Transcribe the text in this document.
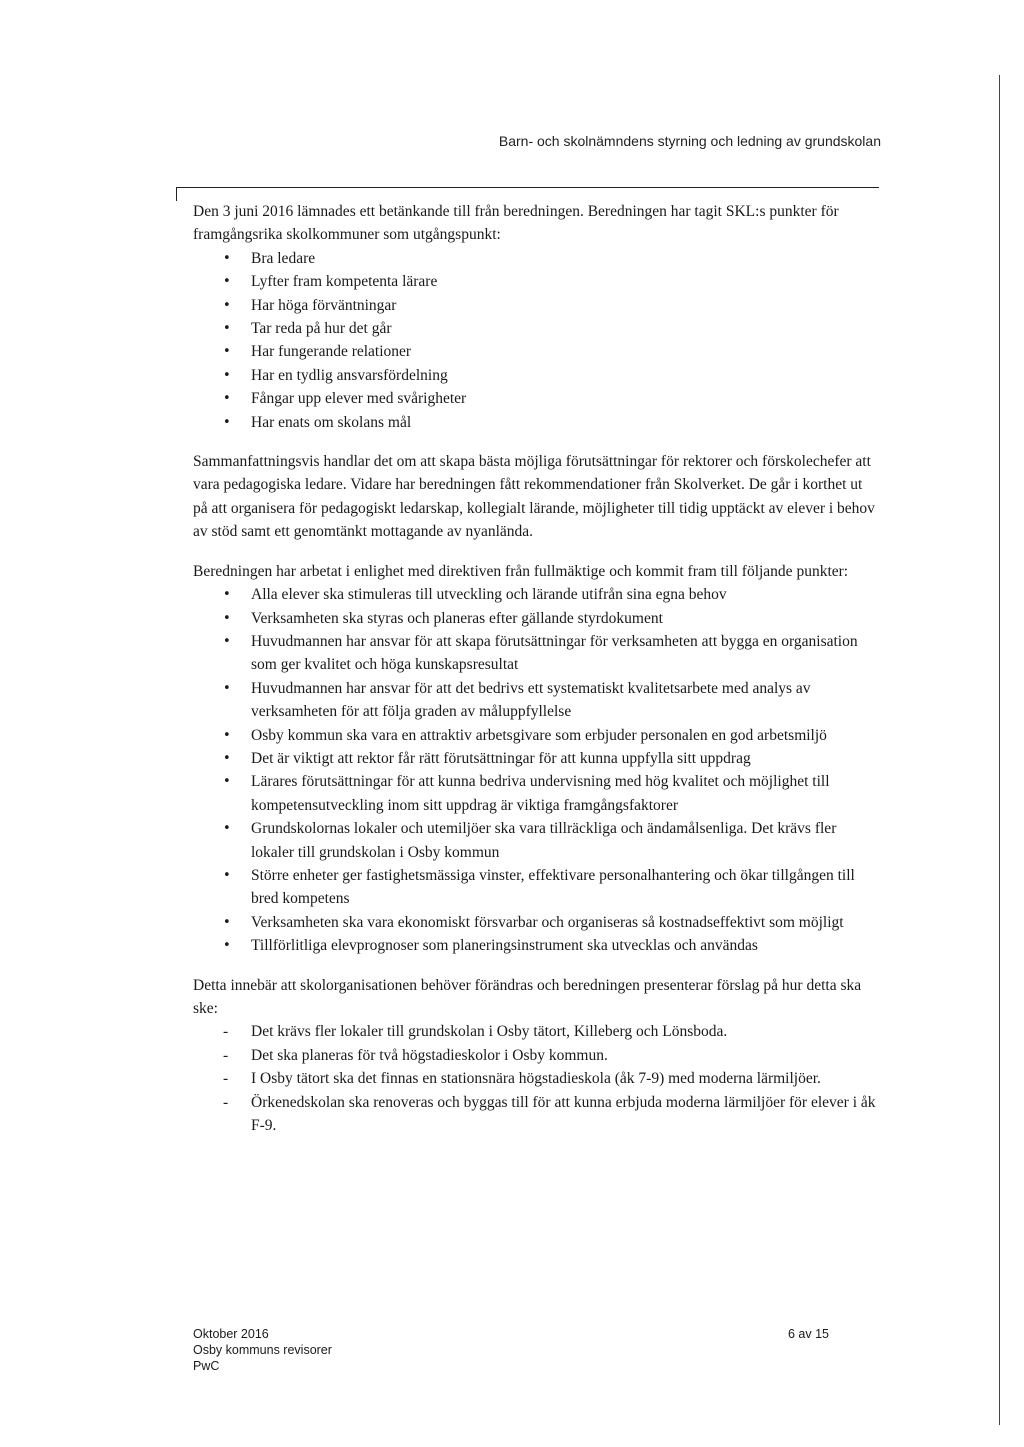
Barn- och skolnämndens styrning och ledning av grundskolan

Den 3 juni 2016 lämnades ett betänkande till från beredningen. Beredningen har tagit SKL:s punkter för framgångsrika skolkommuner som utgångspunkt:

• Bra ledare
• Lyfter fram kompetenta lärare
• Har höga förväntningar
• Tar reda på hur det går
• Har fungerande relationer
• Har en tydlig ansvarsfördelning
• Fångar upp elever med svårigheter
• Har enats om skolans mål

Sammanfattningsvis handlar det om att skapa bästa möjliga förutsättningar för rektorer och förskolechefer att vara pedagogiska ledare. Vidare har beredningen fått rekommendationer från Skolverket. De går i korthet ut på att organisera för pedagogiskt ledarskap, kollegialt lärande, möjligheter till tidig upptäckt av elever i behov av stöd samt ett genomtänkt mottagande av nyanlända.

Beredningen har arbetat i enlighet med direktiven från fullmäktige och kommit fram till följande punkter:

• Alla elever ska stimuleras till utveckling och lärande utifrån sina egna behov
• Verksamheten ska styras och planeras efter gällande styrdokument
• Huvudmannen har ansvar för att skapa förutsättningar för verksamheten att bygga en organisation som ger kvalitet och höga kunskapsresultat
• Huvudmannen har ansvar för att det bedrivs ett systematiskt kvalitetsarbete med analys av verksamheten för att följa graden av måluppfyllelse
• Osby kommun ska vara en attraktiv arbetsgivare som erbjuder personalen en god arbetsmiljö
• Det är viktigt att rektor får rätt förutsättningar för att kunna uppfylla sitt uppdrag
• Lärares förutsättningar för att kunna bedriva undervisning med hög kvalitet och möjlighet till kompetensutveckling inom sitt uppdrag är viktiga framgångsfaktorer
• Grundskolornas lokaler och utemiljöer ska vara tillräckliga och ändamålsenliga. Det krävs fler lokaler till grundskolan i Osby kommun
• Större enheter ger fastighetsmässiga vinster, effektivare personalhantering och ökar tillgången till bred kompetens
• Verksamheten ska vara ekonomiskt försvarbar och organiseras så kostnadseffektivt som möjligt
• Tillförlitliga elevprognoser som planeringsinstrument ska utvecklas och användas

Detta innebär att skolorganisationen behöver förändras och beredningen presenterar förslag på hur detta ska ske:

- Det krävs fler lokaler till grundskolan i Osby tätort, Killeberg och Lönsboda.
- Det ska planeras för två högstadieskolor i Osby kommun.
- I Osby tätort ska det finnas en stationsnära högstadieskola (åk 7-9) med moderna lärmiljöer.
- Örkenedskolan ska renoveras och byggas till för att kunna erbjuda moderna lärmiljöer för elever i åk F-9.
Oktober 2016
Osby kommuns revisorer
PwC
6 av 15
